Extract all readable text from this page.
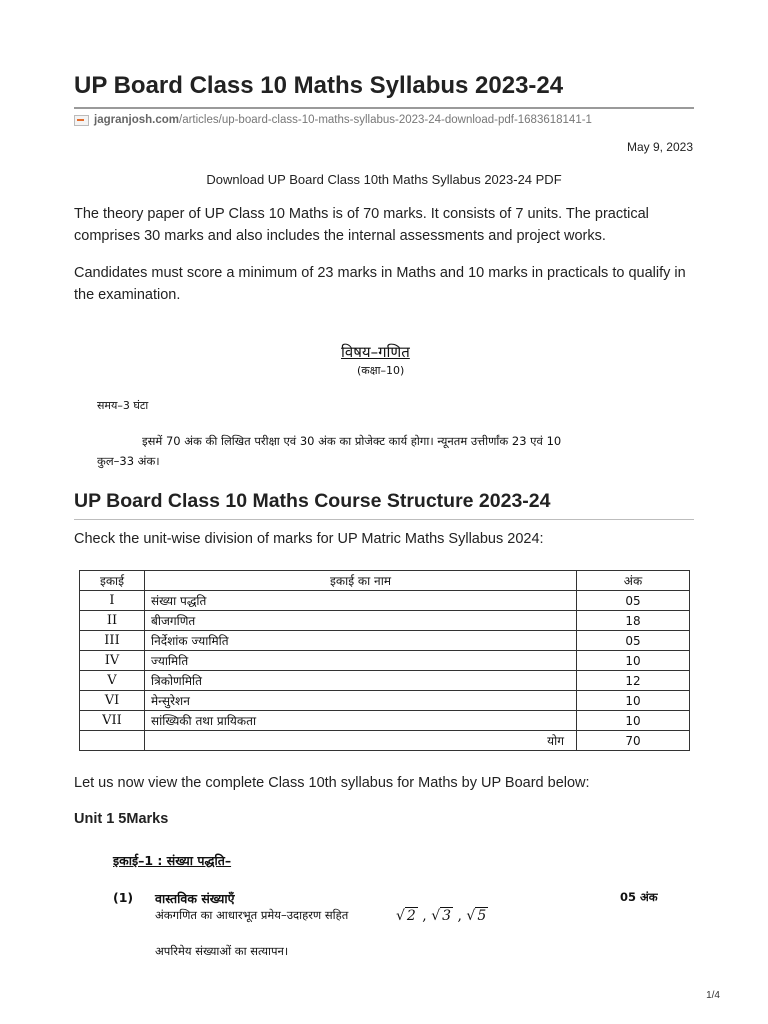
UP Board Class 10 Maths Syllabus 2023-24
jagranjosh.com /articles/up-board-class-10-maths-syllabus-2023-24-download-pdf-1683618141-1
May 9, 2023
Download UP Board Class 10th Maths Syllabus 2023-24 PDF
The theory paper of UP Class 10 Maths is of 70 marks. It consists of 7 units. The practical comprises 30 marks and also includes the internal assessments and project works.
Candidates must score a minimum of 23 marks in Maths and 10 marks in practicals to qualify in the examination.
विषय–गणित
(कक्षा–10)
समय–3 घंटा
इसमें 70 अंक की लिखित परीक्षा एवं 30 अंक का प्रोजेक्ट कार्य होगा। न्यूनतम उत्तीर्णांक 23 एवं 10
कुल–33 अंक।
UP Board Class 10 Maths Course Structure 2023-24
Check the unit-wise division of marks for UP Matric Maths Syllabus 2024:
इकाई	इकाई का नाम	अंक
I	संख्या पद्धति	05
II	बीजगणित	18
III	निर्देशांक ज्यामिति	05
IV	ज्यामिति	10
V	त्रिकोणमिति	12
VI	मेन्सुरेशन	10
VII	सांख्यिकी तथा प्रायिकता	10
	योग	70
Let us now view the complete Class 10th syllabus for Maths by UP Board below:
Unit 1 5Marks
इकाई–1 : संख्या पद्धति–
(1) वास्तविक संख्याएँ	05 अंक
अंकगणित का आधारभूत प्रमेय–उदाहरण सहित	√ 2 , √ 3 , √ 5
अपरिमेय संख्याओं का सत्यापन।
1/4
